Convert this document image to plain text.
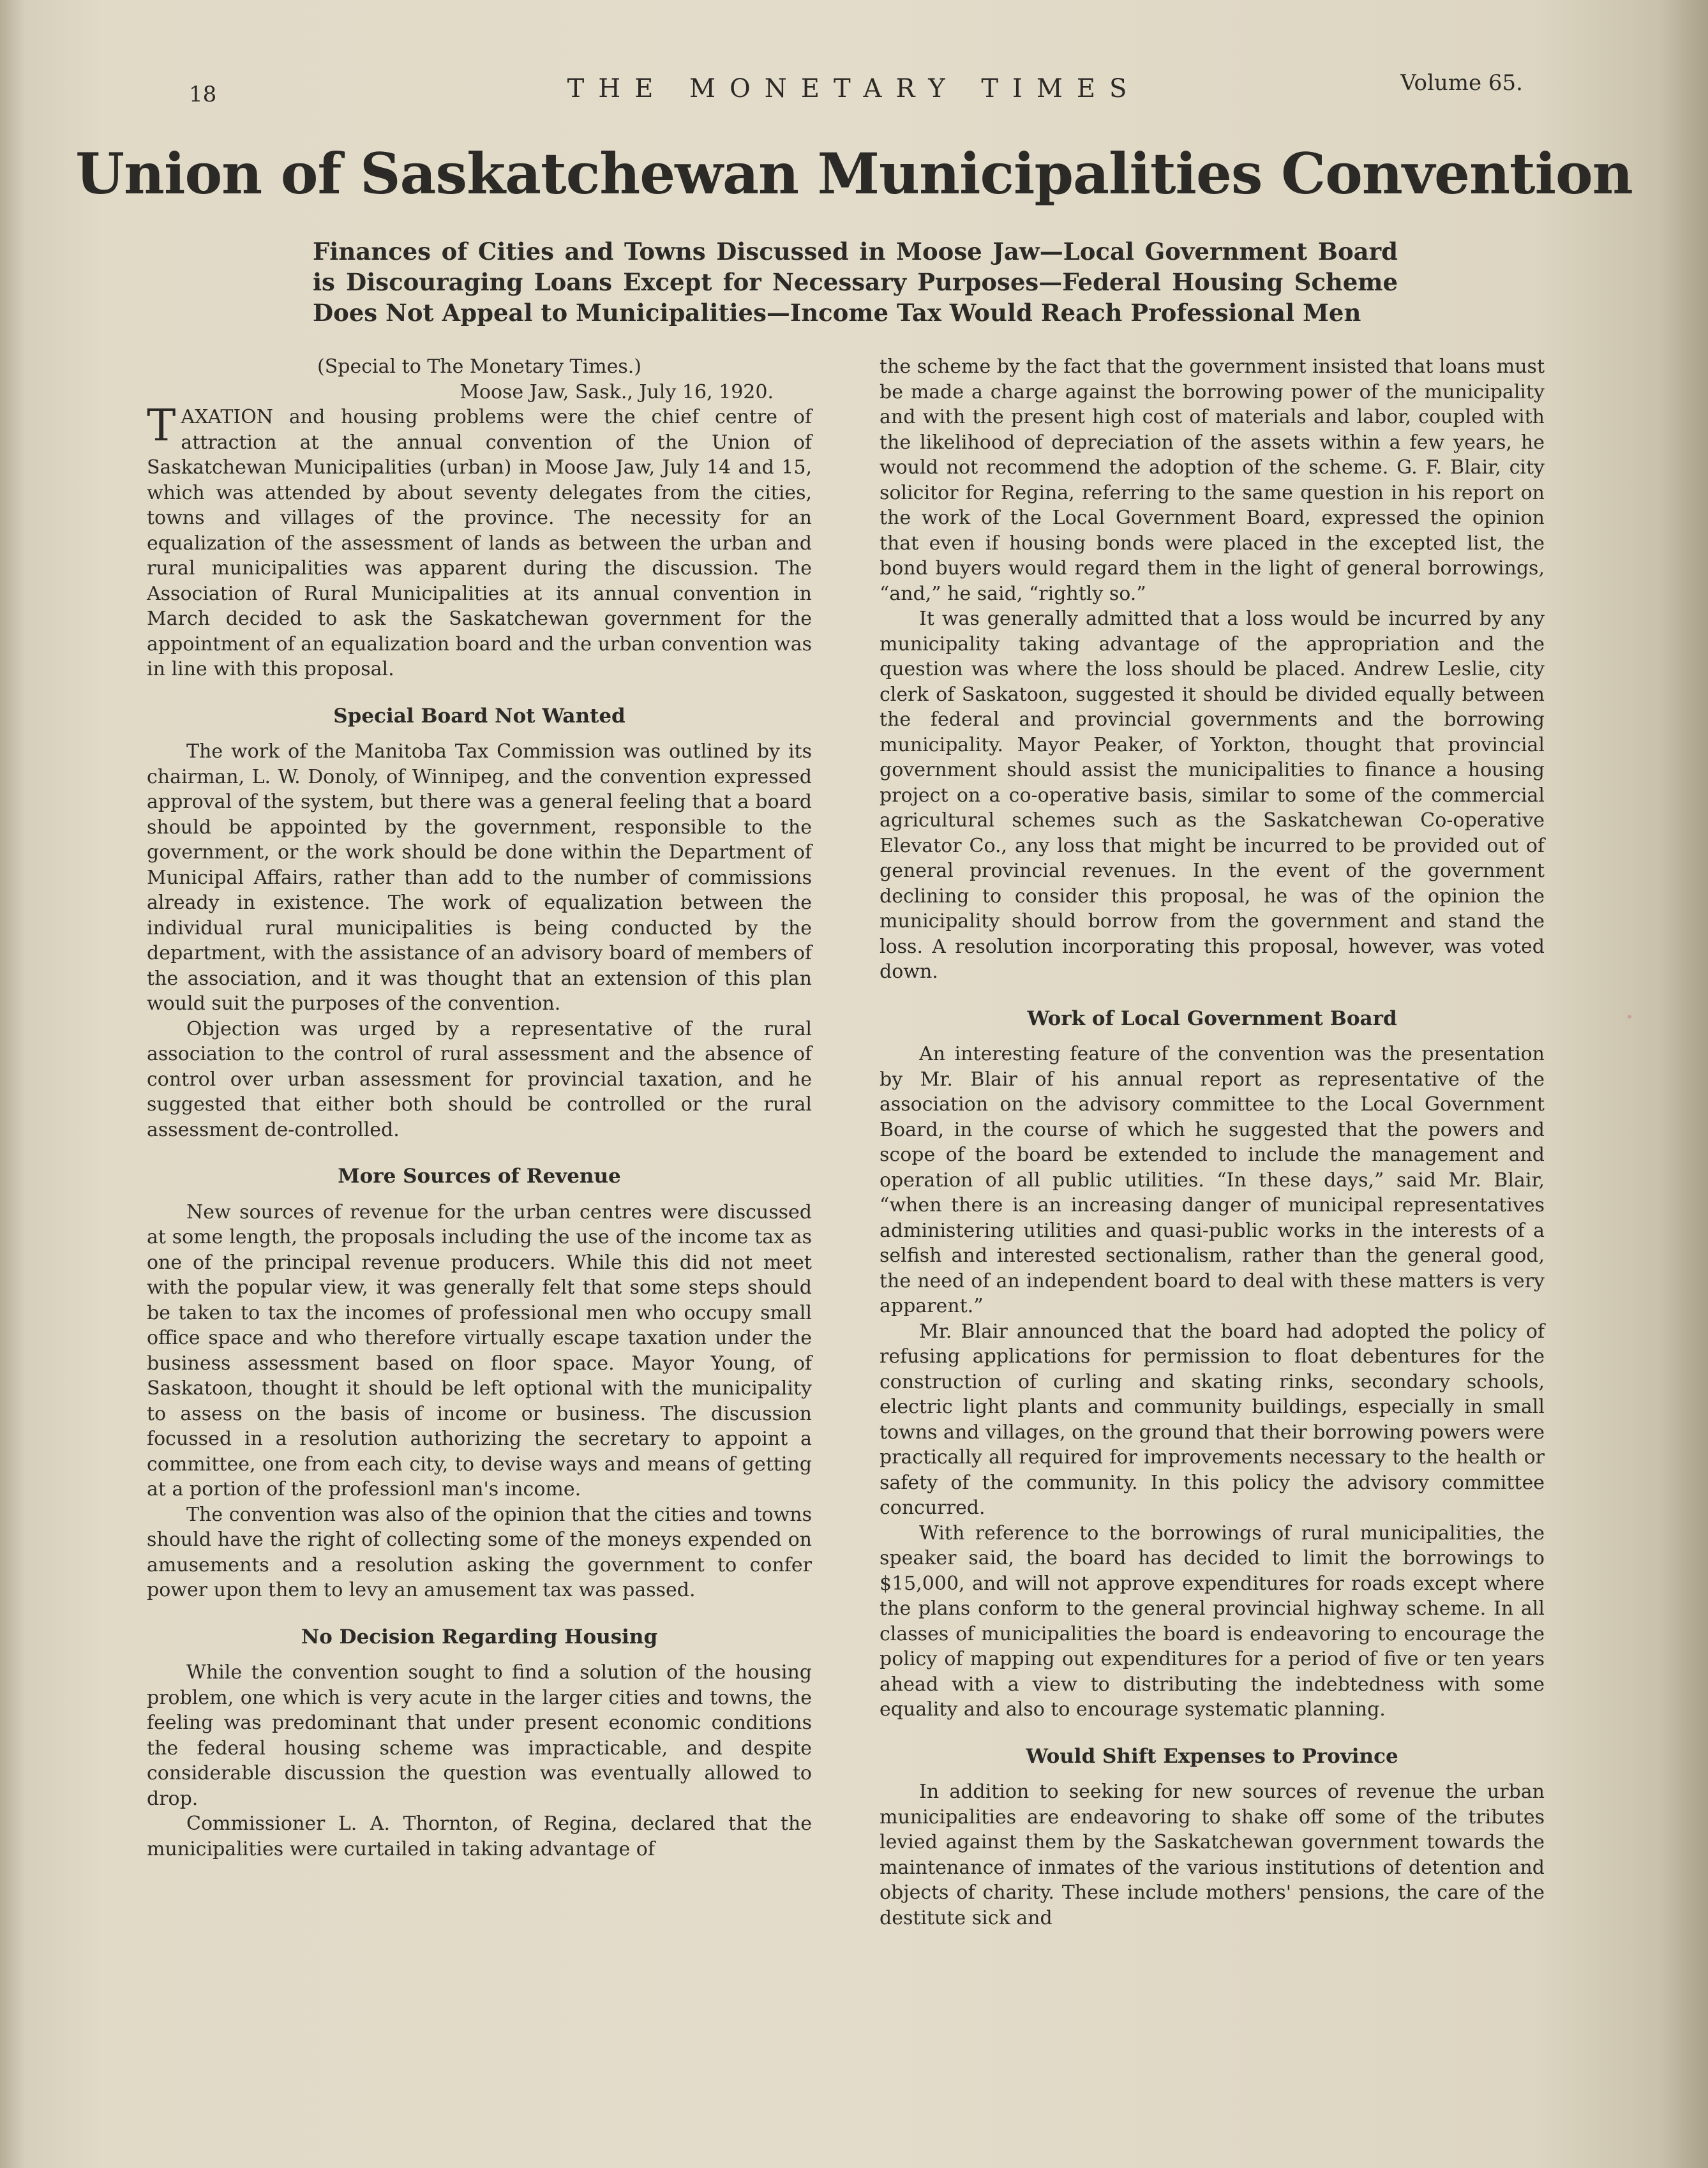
18	THE MONETARY TIMES	Volume 65.
Union of Saskatchewan Municipalities Convention
Finances of Cities and Towns Discussed in Moose Jaw—Local Government Board is Discouraging Loans Except for Necessary Purposes—Federal Housing Scheme Does Not Appeal to Municipalities—Income Tax Would Reach Professional Men

(Special to The Monetary Times.)

Moose Jaw, Sask., July 16, 1920.

TAXATION and housing problems were the chief centre of attraction at the annual convention of the Union of Saskatchewan Municipalities (urban) in Moose Jaw, July 14 and 15, which was attended by about seventy delegates from the cities, towns and villages of the province. The necessity for an equalization of the assessment of lands as between the urban and rural municipalities was apparent during the discussion. The Association of Rural Municipalities at its annual convention in March decided to ask the Saskatchewan government for the appointment of an equalization board and the urban convention was in line with this proposal.

Special Board Not Wanted

The work of the Manitoba Tax Commission was outlined by its chairman, L. W. Donoly, of Winnipeg, and the convention expressed approval of the system, but there was a general feeling that a board should be appointed by the government, responsible to the government, or the work should be done within the Department of Municipal Affairs, rather than add to the number of commissions already in existence. The work of equalization between the individual rural municipalities is being conducted by the department, with the assistance of an advisory board of members of the association, and it was thought that an extension of this plan would suit the purposes of the convention.

Objection was urged by a representative of the rural association to the control of rural assessment and the absence of control over urban assessment for provincial taxation, and he suggested that either both should be controlled or the rural assessment de-controlled.

More Sources of Revenue

New sources of revenue for the urban centres were discussed at some length, the proposals including the use of the income tax as one of the principal revenue producers. While this did not meet with the popular view, it was generally felt that some steps should be taken to tax the incomes of professional men who occupy small office space and who therefore virtually escape taxation under the business assessment based on floor space. Mayor Young, of Saskatoon, thought it should be left optional with the municipality to assess on the basis of income or business. The discussion focussed in a resolution authorizing the secretary to appoint a committee, one from each city, to devise ways and means of getting at a portion of the professionl man's income.

The convention was also of the opinion that the cities and towns should have the right of collecting some of the moneys expended on amusements and a resolution asking the government to confer power upon them to levy an amusement tax was passed.

No Decision Regarding Housing

While the convention sought to find a solution of the housing problem, one which is very acute in the larger cities and towns, the feeling was predominant that under present economic conditions the federal housing scheme was impracticable, and despite considerable discussion the question was eventually allowed to drop.

Commissioner L. A. Thornton, of Regina, declared that the municipalities were curtailed in taking advantage of

the scheme by the fact that the government insisted that loans must be made a charge against the borrowing power of the municipality and with the present high cost of materials and labor, coupled with the likelihood of depreciation of the assets within a few years, he would not recommend the adoption of the scheme. G. F. Blair, city solicitor for Regina, referring to the same question in his report on the work of the Local Government Board, expressed the opinion that even if housing bonds were placed in the excepted list, the bond buyers would regard them in the light of general borrowings, “and,” he said, “rightly so.”

It was generally admitted that a loss would be incurred by any municipality taking advantage of the appropriation and the question was where the loss should be placed. Andrew Leslie, city clerk of Saskatoon, suggested it should be divided equally between the federal and provincial governments and the borrowing municipality. Mayor Peaker, of Yorkton, thought that provincial government should assist the municipalities to finance a housing project on a co-operative basis, similar to some of the commercial agricultural schemes such as the Saskatchewan Co-operative Elevator Co., any loss that might be incurred to be provided out of general provincial revenues. In the event of the government declining to consider this proposal, he was of the opinion the municipality should borrow from the government and stand the loss. A resolution incorporating this proposal, however, was voted down.

Work of Local Government Board

An interesting feature of the convention was the presentation by Mr. Blair of his annual report as representative of the association on the advisory committee to the Local Government Board, in the course of which he suggested that the powers and scope of the board be extended to include the management and operation of all public utilities. “In these days,” said Mr. Blair, “when there is an increasing danger of municipal representatives administering utilities and quasi-public works in the interests of a selfish and interested sectionalism, rather than the general good, the need of an independent board to deal with these matters is very apparent.”

Mr. Blair announced that the board had adopted the policy of refusing applications for permission to float debentures for the construction of curling and skating rinks, secondary schools, electric light plants and community buildings, especially in small towns and villages, on the ground that their borrowing powers were practically all required for improvements necessary to the health or safety of the community. In this policy the advisory committee concurred.

With reference to the borrowings of rural municipalities, the speaker said, the board has decided to limit the borrowings to $15,000, and will not approve expenditures for roads except where the plans conform to the general provincial highway scheme. In all classes of municipalities the board is endeavoring to encourage the policy of mapping out expenditures for a period of five or ten years ahead with a view to distributing the indebtedness with some equality and also to encourage systematic planning.

Would Shift Expenses to Province

In addition to seeking for new sources of revenue the urban municipalities are endeavoring to shake off some of the tributes levied against them by the Saskatchewan government towards the maintenance of inmates of the various institutions of detention and objects of charity. These include mothers' pensions, the care of the destitute sick and
